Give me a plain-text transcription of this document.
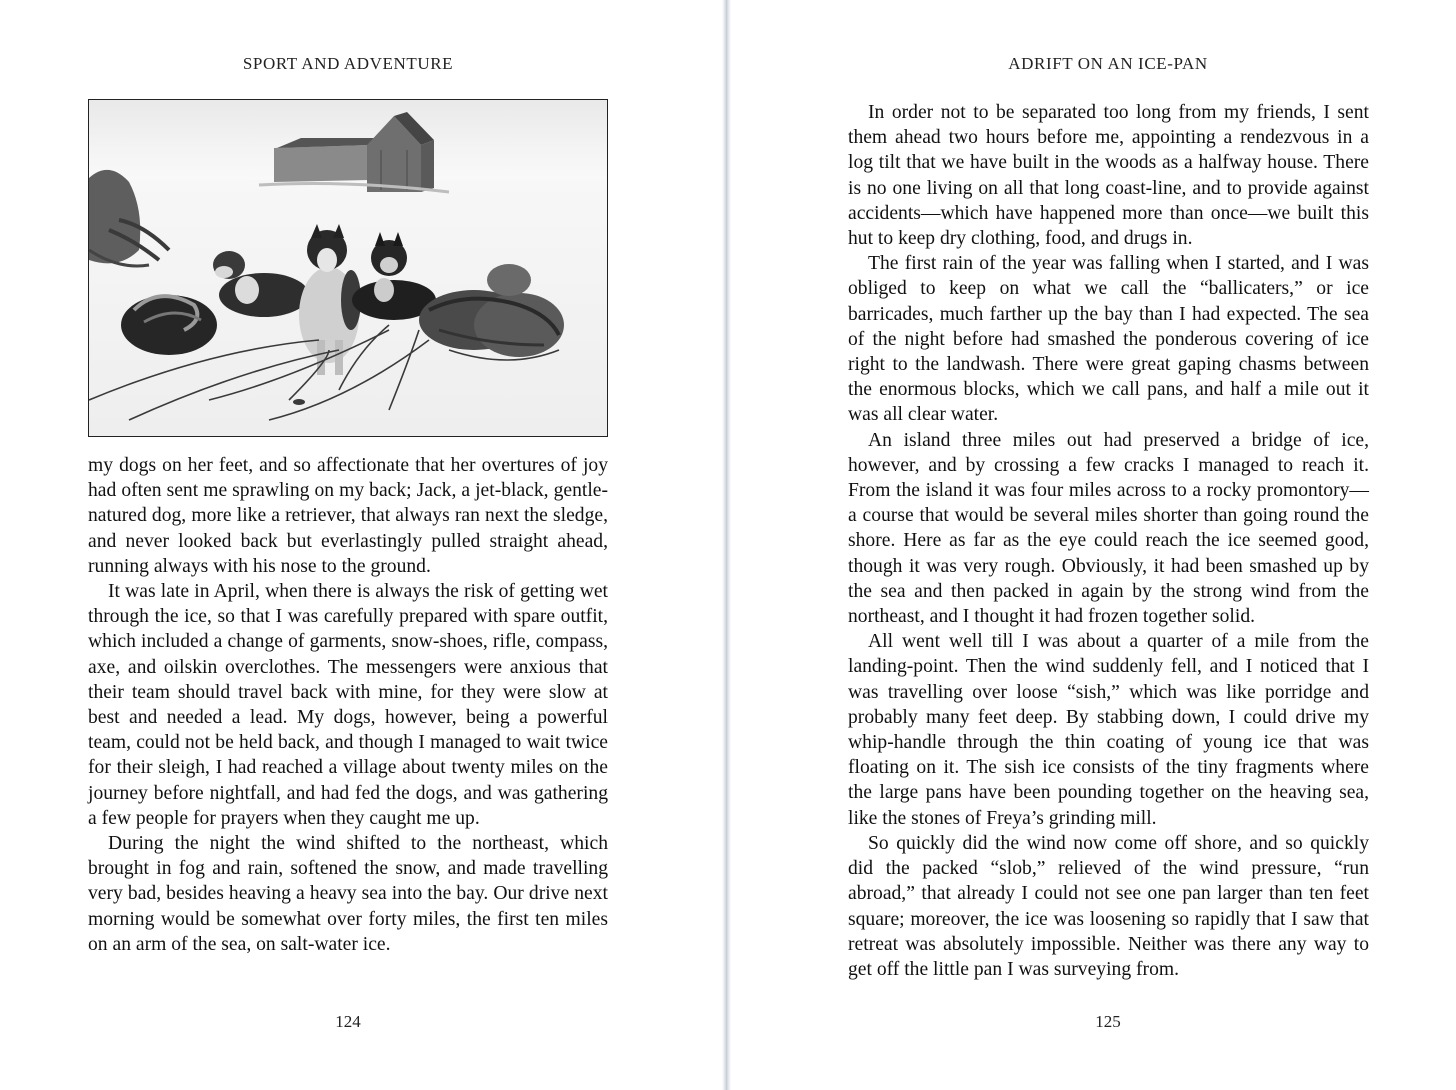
SPORT AND ADVENTURE

my dogs on her feet, and so affectionate that her overtures of joy had often sent me sprawling on my back; Jack, a jet-black, gentle-natured dog, more like a retriever, that always ran next the sledge, and never looked back but everlastingly pulled straight ahead, running always with his nose to the ground.

It was late in April, when there is always the risk of getting wet through the ice, so that I was carefully prepared with spare outfit, which included a change of garments, snow-shoes, rifle, compass, axe, and oilskin overclothes. The messengers were anxious that their team should travel back with mine, for they were slow at best and needed a lead. My dogs, however, being a powerful team, could not be held back, and though I managed to wait twice for their sleigh, I had reached a village about twenty miles on the journey before nightfall, and had fed the dogs, and was gathering a few people for prayers when they caught me up.

During the night the wind shifted to the northeast, which brought in fog and rain, softened the snow, and made travelling very bad, besides heaving a heavy sea into the bay. Our drive next morning would be somewhat over forty miles, the first ten miles on an arm of the sea, on salt-water ice.

124
ADRIFT ON AN ICE-PAN

In order not to be separated too long from my friends, I sent them ahead two hours before me, appointing a rendezvous in a log tilt that we have built in the woods as a halfway house. There is no one living on all that long coast-line, and to provide against accidents—which have happened more than once—we built this hut to keep dry clothing, food, and drugs in.

The first rain of the year was falling when I started, and I was obliged to keep on what we call the “ballicaters,” or ice barricades, much farther up the bay than I had expected. The sea of the night before had smashed the ponderous covering of ice right to the landwash. There were great gaping chasms between the enormous blocks, which we call pans, and half a mile out it was all clear water.

An island three miles out had preserved a bridge of ice, however, and by crossing a few cracks I managed to reach it. From the island it was four miles across to a rocky promontory—a course that would be several miles shorter than going round the shore. Here as far as the eye could reach the ice seemed good, though it was very rough. Obviously, it had been smashed up by the sea and then packed in again by the strong wind from the northeast, and I thought it had frozen together solid.

All went well till I was about a quarter of a mile from the landing-point. Then the wind suddenly fell, and I noticed that I was travelling over loose “sish,” which was like porridge and probably many feet deep. By stabbing down, I could drive my whip-handle through the thin coating of young ice that was floating on it. The sish ice consists of the tiny fragments where the large pans have been pounding together on the heaving sea, like the stones of Freya’s grinding mill.

So quickly did the wind now come off shore, and so quickly did the packed “slob,” relieved of the wind pressure, “run abroad,” that already I could not see one pan larger than ten feet square; moreover, the ice was loosening so rapidly that I saw that retreat was absolutely impossible. Neither was there any way to get off the little pan I was surveying from.

125
